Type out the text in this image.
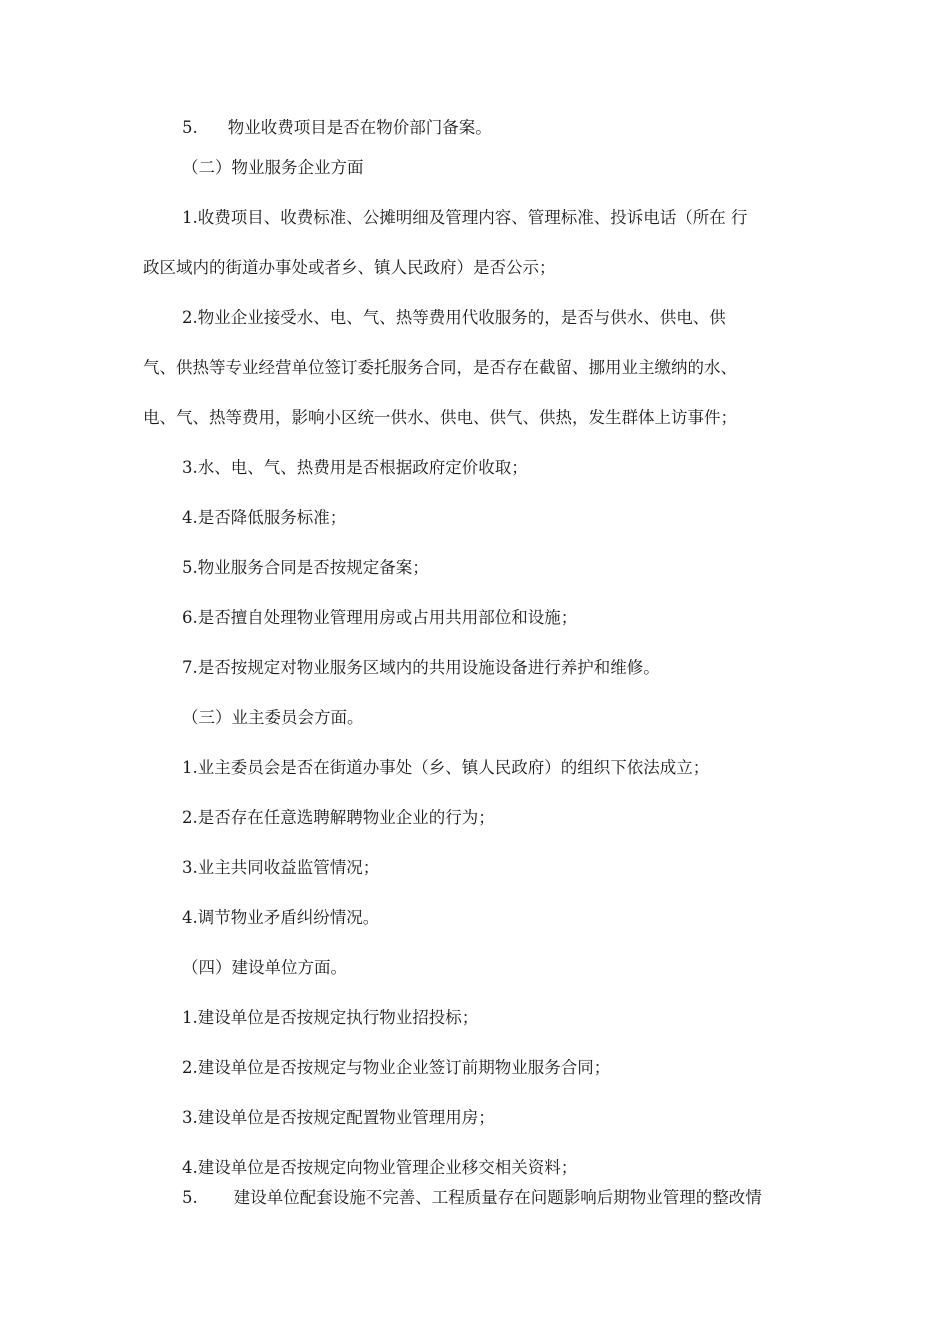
5. 物业收费项目是否在物价部门备案。
（二）物业服务企业方面
1.收费项目、收费标准、公摊明细及管理内容、管理标准、投诉电话（所在 行
政区域内的街道办事处或者乡、镇人民政府）是否公示；
2.物业企业接受水、电、气、热等费用代收服务的，是否与供水、供电、供
气、供热等专业经营单位签订委托服务合同，是否存在截留、挪用业主缴纳的水、
电、气、热等费用，影响小区统一供水、供电、供气、供热，发生群体上访事件；
3.水、电、气、热费用是否根据政府定价收取；
4.是否降低服务标准；
5.物业服务合同是否按规定备案；
6.是否擅自处理物业管理用房或占用共用部位和设施；
7.是否按规定对物业服务区域内的共用设施设备进行养护和维修。
（三）业主委员会方面。
1.业主委员会是否在街道办事处（乡、镇人民政府）的组织下依法成立；
2.是否存在任意选聘解聘物业企业的行为；
3.业主共同收益监管情况；
4.调节物业矛盾纠纷情况。
（四）建设单位方面。
1.建设单位是否按规定执行物业招投标；
2.建设单位是否按规定与物业企业签订前期物业服务合同；
3.建设单位是否按规定配置物业管理用房；
4.建设单位是否按规定向物业管理企业移交相关资料；
5. 建设单位配套设施不完善、工程质量存在问题影响后期物业管理的整改情
